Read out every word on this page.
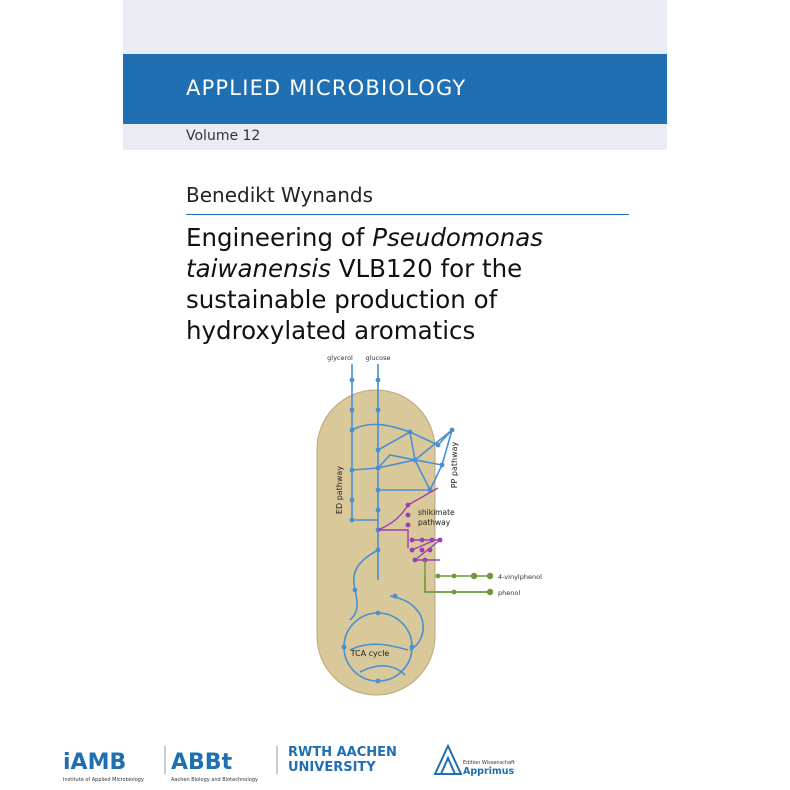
APPLIED MICROBIOLOGY
Volume 12
Benedikt Wynands
Engineering of Pseudomonas taiwanensis VLB120 for the sustainable production of hydroxylated aromatics
glycerol glucose
shikimate
pathway
4-vinylphenol
phenol
ED pathway
PP pathway
TCA cycle
iAMB
Institute of Applied Microbiology
ABBt
Aachen Biology and Biotechnology
RWTH AACHEN
UNIVERSITY	Edition Wissenschaft
Apprimus
